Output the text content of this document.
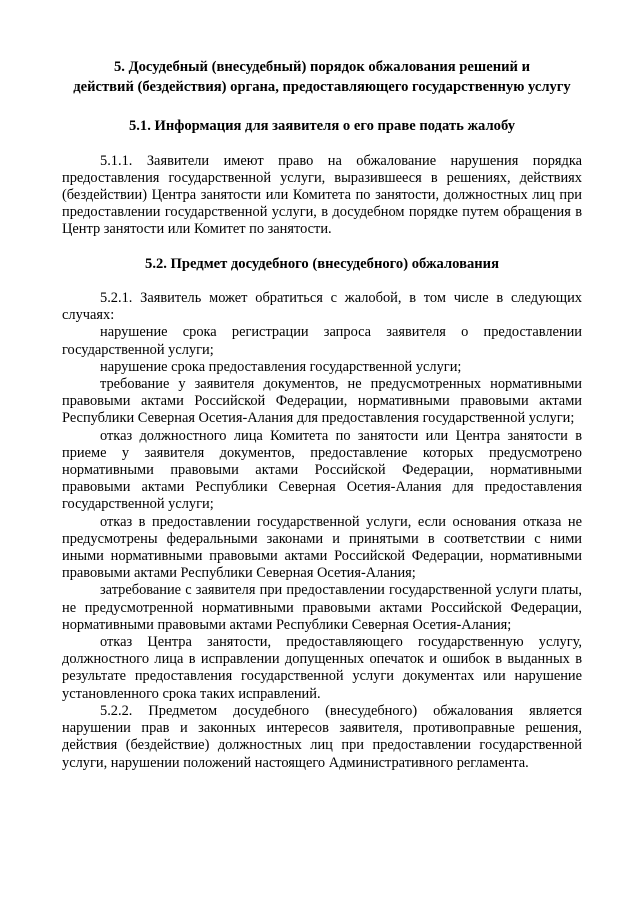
5. Досудебный (внесудебный) порядок обжалования решений и
действий (бездействия) органа, предоставляющего государственную услугу
5.1. Информация для заявителя о его праве подать жалобу

5.1.1. Заявители имеют право на обжалование нарушения порядка предоставления государственной услуги, выразившееся в решениях, действиях (бездействии) Центра занятости или Комитета по занятости, должностных лиц при предоставлении государственной услуги, в досудебном порядке путем обращения в Центр занятости или Комитет по занятости.

5.2. Предмет досудебного (внесудебного) обжалования

5.2.1. Заявитель может обратиться с жалобой, в том числе в следующих случаях:

нарушение срока регистрации запроса заявителя о предоставлении государственной услуги;

нарушение срока предоставления государственной услуги;

требование у заявителя документов, не предусмотренных нормативными правовыми актами Российской Федерации, нормативными правовыми актами Республики Северная Осетия-Алания для предоставления государственной услуги;

отказ должностного лица Комитета по занятости или Центра занятости в приеме у заявителя документов, предоставление которых предусмотрено нормативными правовыми актами Российской Федерации, нормативными правовыми актами Республики Северная Осетия-Алания для предоставления государственной услуги;

отказ в предоставлении государственной услуги, если основания отказа не предусмотрены федеральными законами и принятыми в соответствии с ними иными нормативными правовыми актами Российской Федерации, нормативными правовыми актами Республики Северная Осетия-Алания;

затребование с заявителя при предоставлении государственной услуги платы, не предусмотренной нормативными правовыми актами Российской Федерации, нормативными правовыми актами Республики Северная Осетия-Алания;

отказ Центра занятости, предоставляющего государственную услугу, должностного лица в исправлении допущенных опечаток и ошибок в выданных в результате предоставления государственной услуги документах или нарушение установленного срока таких исправлений.

5.2.2. Предметом досудебного (внесудебного) обжалования является нарушении прав и законных интересов заявителя, противоправные решения, действия (бездействие) должностных лиц при предоставлении государственной услуги, нарушении положений настоящего Административного регламента.
